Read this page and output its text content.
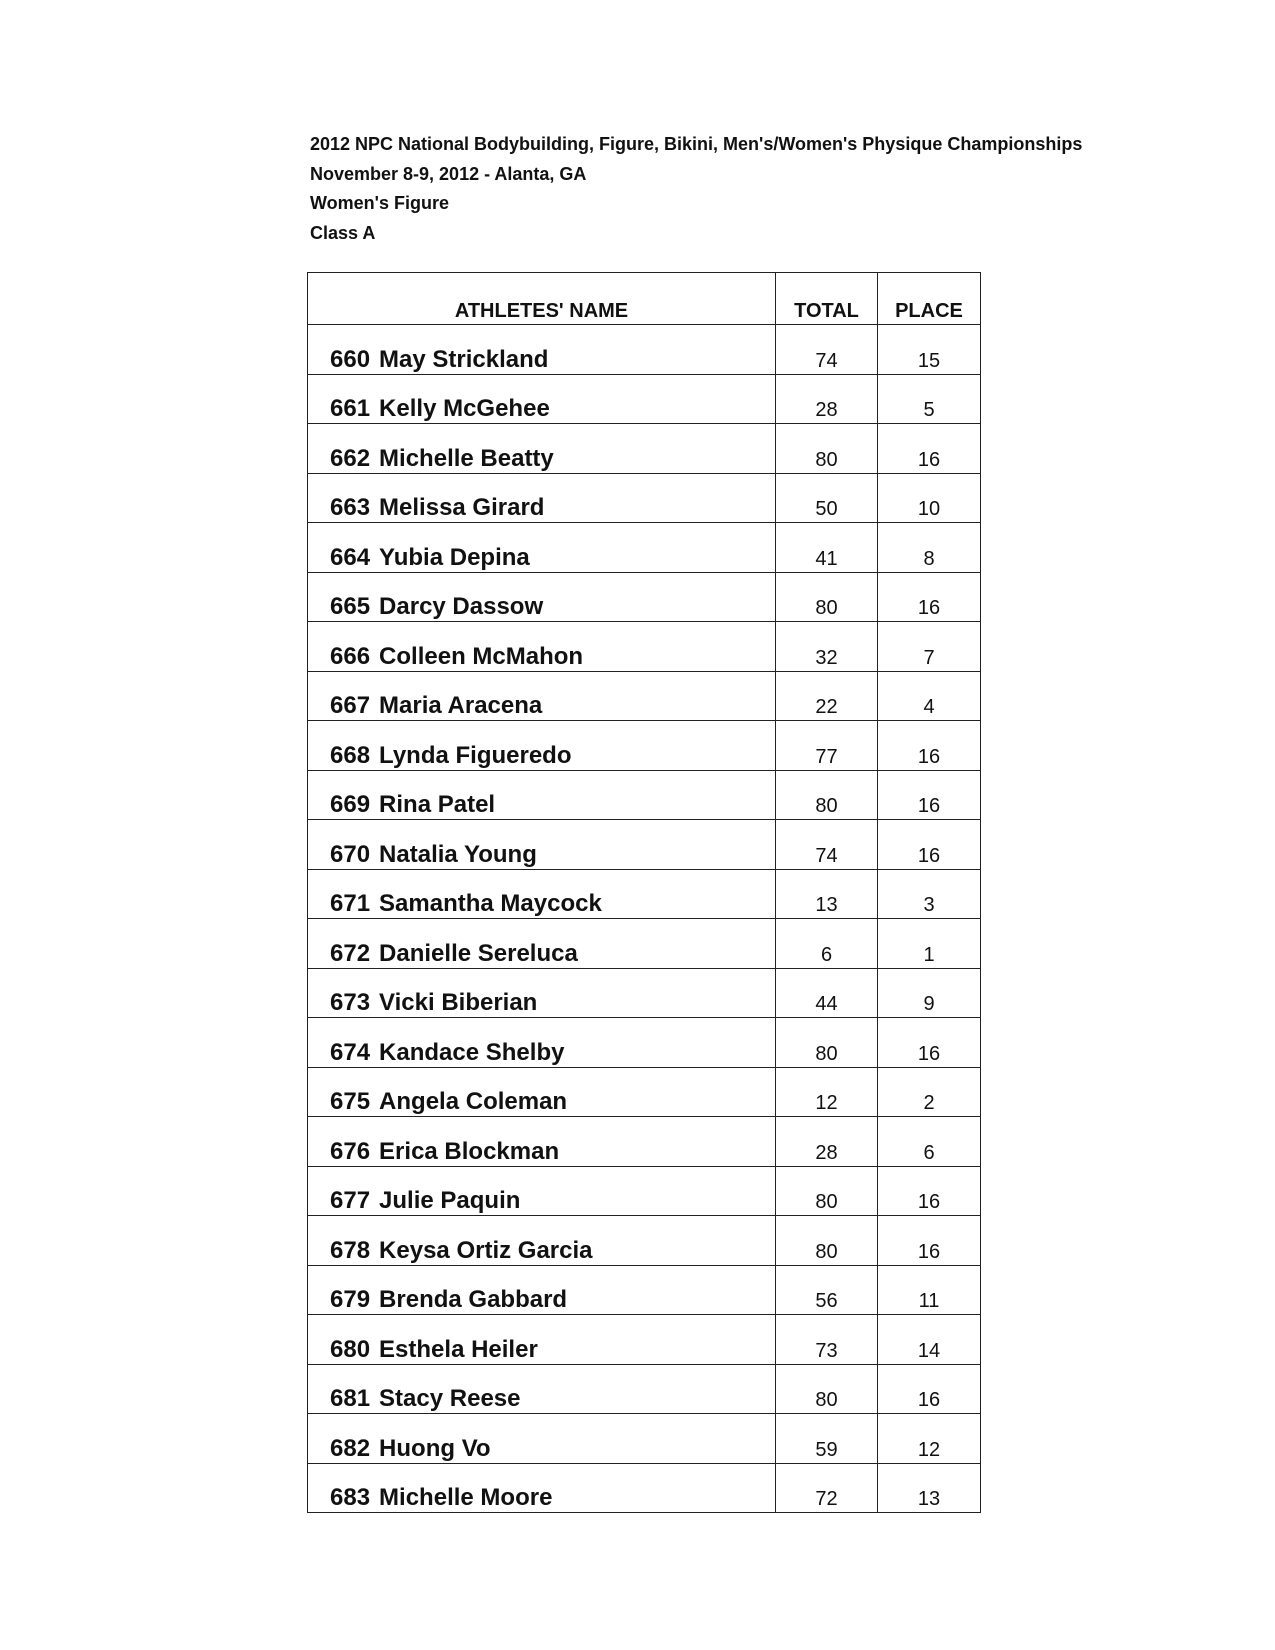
2012 NPC National Bodybuilding, Figure, Bikini, Men's/Women's Physique Championships
November 8-9, 2012 - Alanta, GA
Women's Figure
Class A
ATHLETES' NAME	TOTAL	PLACE
660 May Strickland	74	15
661 Kelly McGehee	28	5
662 Michelle Beatty	80	16
663 Melissa Girard	50	10
664 Yubia Depina	41	8
665 Darcy Dassow	80	16
666 Colleen McMahon	32	7
667 Maria Aracena	22	4
668 Lynda Figueredo	77	16
669 Rina Patel	80	16
670 Natalia Young	74	16
671 Samantha Maycock	13	3
672 Danielle Sereluca	6	1
673 Vicki Biberian	44	9
674 Kandace Shelby	80	16
675 Angela Coleman	12	2
676 Erica Blockman	28	6
677 Julie Paquin	80	16
678 Keysa Ortiz Garcia	80	16
679 Brenda Gabbard	56	11
680 Esthela Heiler	73	14
681 Stacy Reese	80	16
682 Huong Vo	59	12
683 Michelle Moore	72	13
